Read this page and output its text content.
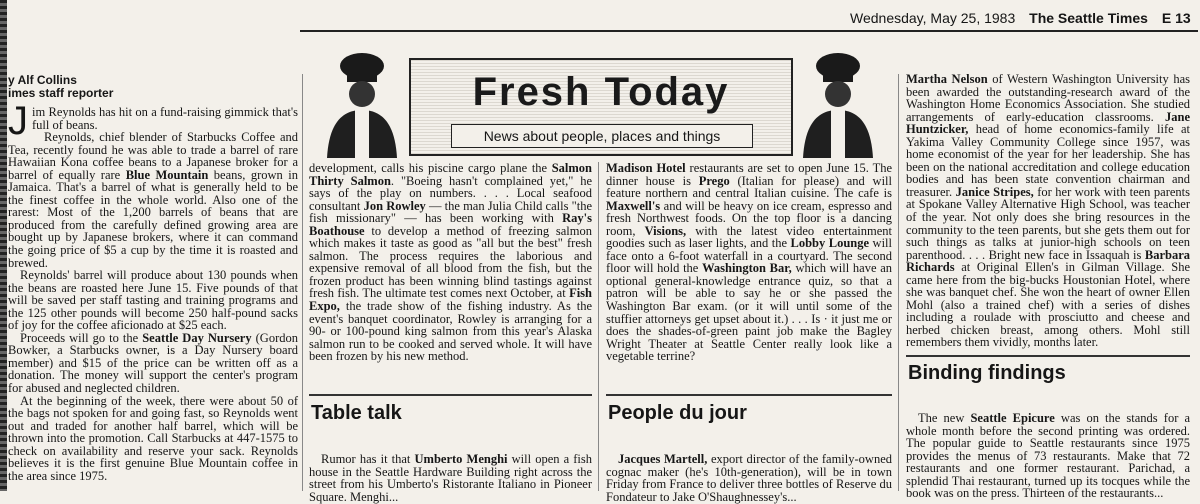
Wednesday, May 25, 1983 The Seattle Times E 13
y Alf Collins
imes staff reporter

Jim Reynolds has hit on a fund-raising gimmick that's full of beans.

Reynolds, chief blender of Starbucks Coffee and Tea, recently found he was able to trade a barrel of rare Hawaiian Kona coffee beans to a Japanese broker for a barrel of equally rare Blue Mountain beans, grown in Jamaica. That's a barrel of what is generally held to be the finest coffee in the whole world. Also one of the rarest: Most of the 1,200 barrels of beans that are produced from the carefully defined growing area are bought up by Japanese brokers, where it can command the going price of $5 a cup by the time it is roasted and brewed.

Reynolds' barrel will produce about 130 pounds when the beans are roasted here June 15. Five pounds of that will be saved per staff tasting and training programs and the 125 other pounds will become 250 half-pound sacks of joy for the coffee aficionado at $25 each.

Proceeds will go to the Seattle Day Nursery (Gordon Bowker, a Starbucks owner, is a Day Nursery board member) and $15 of the price can be written off as a donation. The money will support the center's program for abused and neglected children.

At the beginning of the week, there were about 50 of the bags not spoken for and going fast, so Reynolds went out and traded for another half barrel, which will be thrown into the promotion. Call Starbucks at 447-1575 to check on availability and reserve your sack. Reynolds believes it is the first genuine Blue Mountain coffee in the area since 1975.

Fresh Today
News about people, places and things

development, calls his piscine cargo plane the Salmon Thirty Salmon. "Boeing hasn't complained yet," he says of the play on numbers. . . . Local seafood consultant Jon Rowley — the man Julia Child calls "the fish missionary" — has been working with Ray's Boathouse to develop a method of freezing salmon which makes it taste as good as "all but the best" fresh salmon. The process requires the laborious and expensive removal of all blood from the fish, but the frozen product has been winning blind tastings against fresh fish. The ultimate test comes next October, at Fish Expo, the trade show of the fishing industry. As the event's banquet coordinator, Rowley is arranging for a 90- or 100-pound king salmon from this year's Alaska salmon run to be cooked and served whole. It will have been frozen by his new method.

Table talk

Rumor has it that Umberto Menghi will open a fish house in the Seattle Hardware Building right across the street from his Umberto's Ristorante Italiano in Pioneer Square. Menghi...

Madison Hotel restaurants are set to open June 15. The dinner house is Prego (Italian for please) and will feature northern and central Italian cuisine. The cafe is Maxwell's and will be heavy on ice cream, espresso and fresh Northwest foods. On the top floor is a dancing room, Visions, with the latest video entertainment goodies such as laser lights, and the Lobby Lounge will face onto a 6-foot waterfall in a courtyard. The second floor will hold the Washington Bar, which will have an optional general-knowledge entrance quiz, so that a patron will be able to say he or she passed the Washington Bar exam. (or it will until some of the stuffier attorneys get upset about it.) . . . Is · it just me or does the shades-of-green paint job make the Bagley Wright Theater at Seattle Center really look like a vegetable terrine?

People du jour

Jacques Martell, export director of the family-owned cognac maker (he's 10th-generation), will be in town Friday from France to deliver three bottles of Reserve du Fondateur to Jake O'Shaughnessey's...

Martha Nelson of Western Washington University has been awarded the outstanding-research award of the Washington Home Economics Association. She studied arrangements of early-education classrooms. Jane Huntzicker, head of home economics-family life at Yakima Valley Community College since 1957, was home economist of the year for her leadership. She has been on the national accreditation and college education bodies and has been state convention chairman and treasurer. Janice Stripes, for her work with teen parents at Spokane Valley Alternative High School, was teacher of the year. Not only does she bring resources in the community to the teen parents, but she gets them out for such things as talks at junior-high schools on teen parenthood. . . . Bright new face in Issaquah is Barbara Richards at Original Ellen's in Gilman Village. She came here from the big-bucks Houstonian Hotel, where she was banquet chef. She won the heart of owner Ellen Mohl (also a trained chef) with a series of dishes including a roulade with prosciutto and cheese and herbed chicken breast, among others. Mohl still remembers them vividly, months later.

Binding findings

The new Seattle Epicure was on the stands for a whole month before the second printing was ordered. The popular guide to Seattle restaurants since 1975 provides the menus of 73 restaurants. Make that 72 restaurants and one former restaurant. Parichad, a splendid Thai restaurant, turned up its tocques while the book was on the press. Thirteen of the restaurants...
